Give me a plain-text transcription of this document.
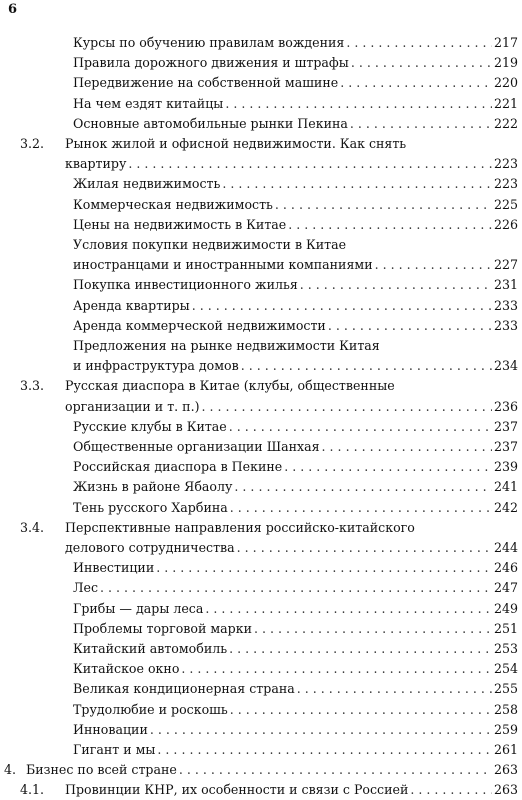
6
Курсы по обучению правилам вождения . . .	217
Правила дорожного движения и штрафы . . .	219
Передвижение на собственной машине . . .	220
На чем ездят китайцы . . .	221
Основные автомобильные рынки Пекина . . .	222
3.2.	Рынок жилой и офисной недвижимости. Как снять
квартиру . . .	223
Жилая недвижимость . . .	223
Коммерческая недвижимость . . .	225
Цены на недвижимость в Китае . . .	226
Условия покупки недвижимости в Китае
иностранцами и иностранными компаниями . . .	227
Покупка инвестиционного жилья . . .	231
Аренда квартиры . . .	233
Аренда коммерческой недвижимости . . .	233
Предложения на рынке недвижимости Китая
и инфраструктура домов . . .	234
3.3.	Русская диаспора в Китае (клубы, общественные
организации и т. п.) . . .	236
Русские клубы в Китае . . .	237
Общественные организации Шанхая . . .	237
Российская диаспора в Пекине . . .	239
Жизнь в районе Ябаолу . . .	241
Тень русского Харбина . . .	242
3.4.	Перспективные направления российско-китайского
делового сотрудничества . . .	244
Инвестиции . . .	246
Лес . . .	247
Грибы — дары леса . . .	249
Проблемы торговой марки . . .	251
Китайский автомобиль . . .	253
Китайское окно . . .	254
Великая кондиционерная страна . . .	255
Трудолюбие и роскошь . . .	258
Инновации . . .	259
Гигант и мы . . .	261
4. Бизнес по всей стране . . .	263
4.1.	Провинции КНР, их особенности и связи с Россией . . .	263
